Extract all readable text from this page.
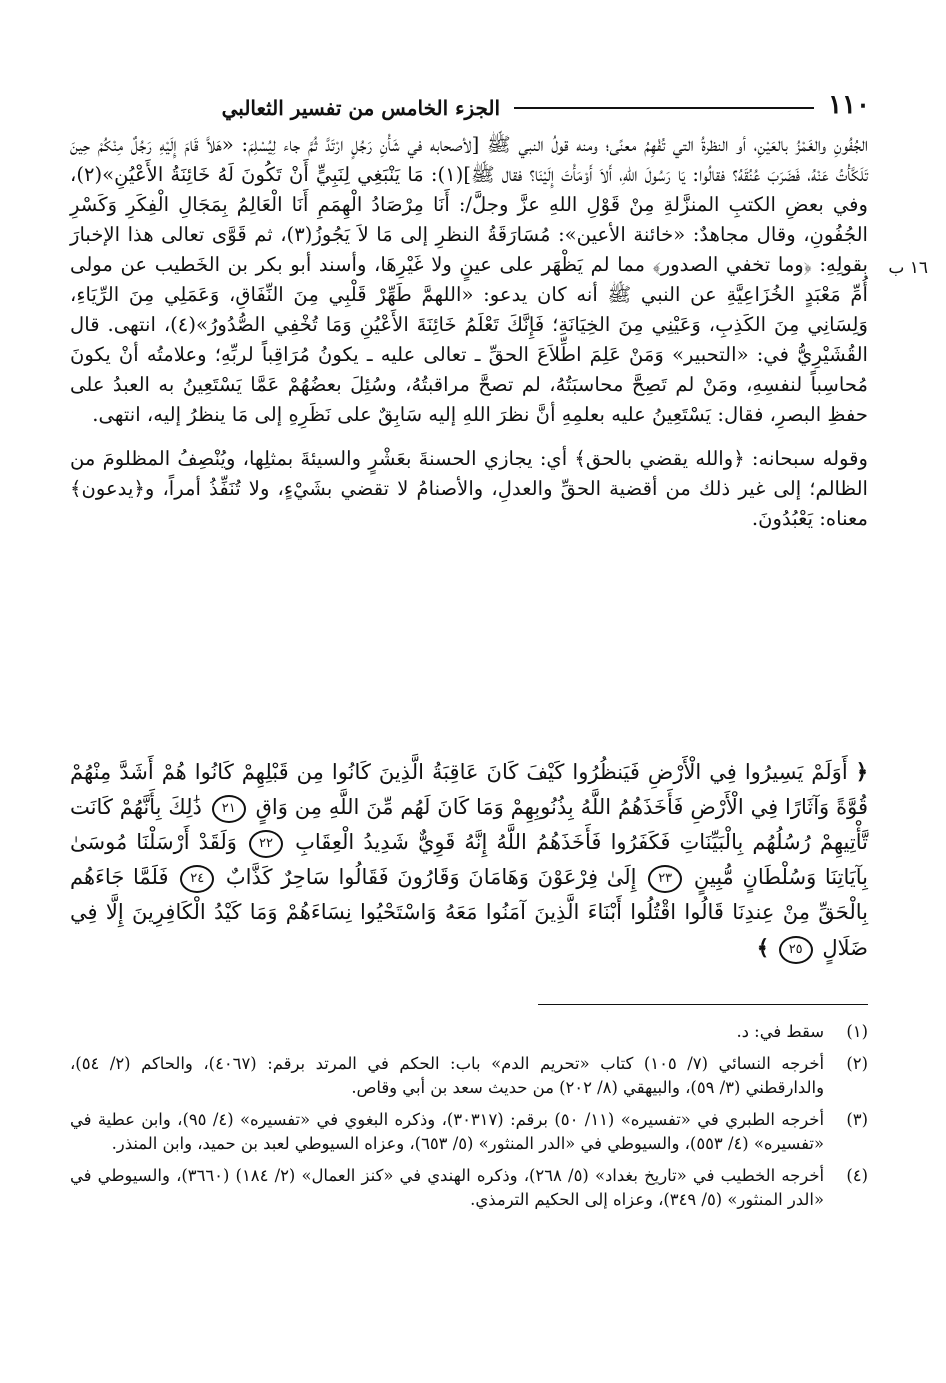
١١٠
الجزء الخامس من تفسير الثعالبي
١٦ ب

الجُفُونِ والغَمْزُ بالعَيْنِ، أو النظرةُ التي تُفْهِمُ معنًى؛ ومنه قولُ النبي ﷺ [لأصحابه في شَأْنِ رَجُلٍ ارْتَدَّ ثُمَّ جاء لِيُسْلِمَ: «هَلاَّ قَامَ إِلَيْهِ رَجُلٌ مِنْكُمْ حِينَ تَلَكَّأْتُ عَنْهُ، فَضَرَبَ عُنُقَهُ؟ فقالُوا: يَا رَسُولَ اللهِ، أَلاَ أَوْمَأْتَ إِلَيْنَا؟ فقال ﷺ](١): مَا يَنْبَغِي لِنَبِيٍّ أَنْ تَكُونَ لَهُ خَائِنَةُ الأَعْيُنِ»(٢)، وفي بعضِ الكتبِ المنزَّلةِ مِنْ قَوْلِ اللهِ عزَّ وجلَّ/: أَنَا مِرْصَادُ الْهِمَمِ أَنَا الْعَالِمُ بِمَجَالِ الْفِكَرِ وَكَسْرِ الجُفُونِ، وقال مجاهدٌ: «خائنة الأعين»: مُسَارَقَةُ النظرِ إلى مَا لاَ يَجُوزُ(٣)، ثم قَوَّى تعالى هذا الإخبارَ بقولِهِ: ﴿وما تخفي الصدور﴾ مما لم يَظْهَر على عينٍ ولا غَيْرِهَا، وأسند أبو بكر بن الخَطيب عن مولى أُمِّ مَعْبَدٍ الخُزَاعِيَّةِ عن النبي ﷺ أنه كان يدعو: «اللهمَّ طَهِّرْ قَلْبِي مِنَ النِّفَاقِ، وَعَمَلِي مِنَ الرِّيَاءِ، وَلِسَانِي مِنَ الكَذِبِ، وَعَيْنِي مِنَ الخِيَانَةِ؛ فَإِنَّكَ تَعْلَمُ خَائِنَةَ الأَعْيُنِ وَمَا تُخْفِي الصُّدُورُ»(٤)، انتهى. قال القُشَيْرِيُّ في: «التحبير» وَمَنْ عَلِمَ اطِّلاَعَ الحقِّ ـ تعالى عليه ـ يكونُ مُرَاقِباً لربِّهِ؛ وعلامتُه أنْ يكونَ مُحاسِباً لنفسِهِ، ومَنْ لم تَصِحَّ محاسبَتُهُ، لم تصحَّ مراقبتُهُ، وسُئِلَ بعضُهُمْ عَمَّا يَسْتَعِينُ به العبدُ على حفظِ البصرِ، فقال: يَسْتَعِينُ عليه بعلمِهِ أنَّ نظرَ اللهِ إليه سَابِقٌ على نَظَرِهِ إلى مَا ينظرُ إليه، انتهى.

وقوله سبحانه: ﴿والله يقضي بالحق﴾ أي: يجازي الحسنةَ بعَشْرٍ والسيئةَ بمثلِها، ويُنْصِفُ المظلومَ من الظالم؛ إلى غير ذلك من أقضية الحقِّ والعدلِ، والأصنامُ لا تقضي بشَيْءٍ، ولا تُنَفِّذُ أمراً، و﴿يدعون﴾ معناه: يَعْبُدُونَ.

﴿ أَوَلَمْ يَسِيرُوا فِي الْأَرْضِ فَيَنظُرُوا كَيْفَ كَانَ عَاقِبَةُ الَّذِينَ كَانُوا مِن قَبْلِهِمْ كَانُوا هُمْ أَشَدَّ مِنْهُمْ قُوَّةً وَآثَارًا فِي الْأَرْضِ فَأَخَذَهُمُ اللَّهُ بِذُنُوبِهِمْ وَمَا كَانَ لَهُم مِّنَ اللَّهِ مِن وَاقٍ ٢١ ذَٰلِكَ بِأَنَّهُمْ كَانَت تَّأْتِيهِمْ رُسُلُهُم بِالْبَيِّنَاتِ فَكَفَرُوا فَأَخَذَهُمُ اللَّهُ إِنَّهُ قَوِيٌّ شَدِيدُ الْعِقَابِ ٢٢ وَلَقَدْ أَرْسَلْنَا مُوسَىٰ بِآيَاتِنَا وَسُلْطَانٍ مُّبِينٍ ٢٣ إِلَىٰ فِرْعَوْنَ وَهَامَانَ وَقَارُونَ فَقَالُوا سَاحِرٌ كَذَّابٌ ٢٤ فَلَمَّا جَاءَهُم بِالْحَقِّ مِنْ عِندِنَا قَالُوا اقْتُلُوا أَبْنَاءَ الَّذِينَ آمَنُوا مَعَهُ وَاسْتَحْيُوا نِسَاءَهُمْ وَمَا كَيْدُ الْكَافِرِينَ إِلَّا فِي ضَلَالٍ ٢٥ ﴾
(١)
سقط في: د.
(٢)
أخرجه النسائي (٧/ ١٠٥) كتاب «تحريم الدم» باب: الحكم في المرتد برقم: (٤٠٦٧)، والحاكم (٢/ ٥٤)، والدارقطني (٣/ ٥٩)، والبيهقي (٨/ ٢٠٢) من حديث سعد بن أبي وقاص.
(٣)
أخرجه الطبري في «تفسيره» (١١/ ٥٠) برقم: (٣٠٣١٧)، وذكره البغوي في «تفسيره» (٤/ ٩٥)، وابن عطية في «تفسيره» (٤/ ٥٥٣)، والسيوطي في «الدر المنثور» (٥/ ٦٥٣)، وعزاه السيوطي لعبد بن حميد، وابن المنذر.
(٤)
أخرجه الخطيب في «تاريخ بغداد» (٥/ ٢٦٨)، وذكره الهندي في «كنز العمال» (٢/ ١٨٤) (٣٦٦٠)، والسيوطي في «الدر المنثور» (٥/ ٣٤٩)، وعزاه إلى الحكيم الترمذي.
